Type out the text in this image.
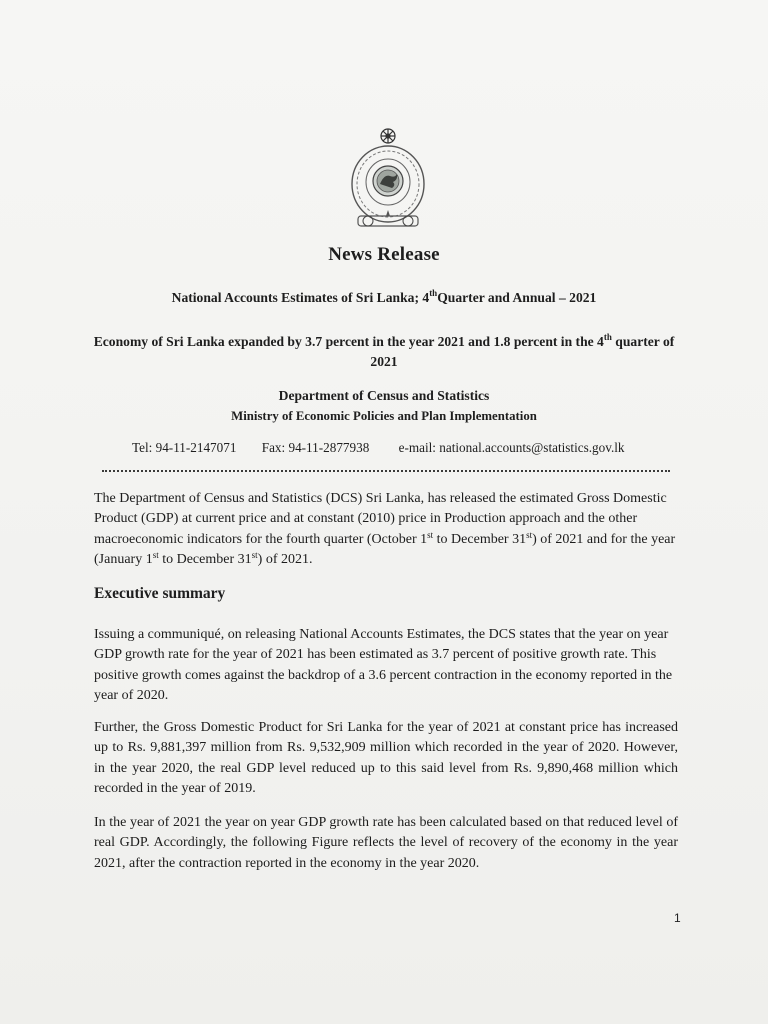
News Release
National Accounts Estimates of Sri Lanka; 4thQuarter and Annual – 2021
Economy of Sri Lanka expanded by 3.7 percent in the year 2021 and 1.8 percent in the 4th quarter of 2021
Department of Census and Statistics
Ministry of Economic Policies and Plan Implementation
Tel: 94-11-2147071 Fax: 94-11-2877938 e-mail: national.accounts@statistics.gov.lk
The Department of Census and Statistics (DCS) Sri Lanka, has released the estimated Gross Domestic Product (GDP) at current price and at constant (2010) price in Production approach and the other macroeconomic indicators for the fourth quarter (October 1st to December 31st) of 2021 and for the year (January 1st to December 31st) of 2021.
Executive summary
Issuing a communiqué, on releasing National Accounts Estimates, the DCS states that the year on year GDP growth rate for the year of 2021 has been estimated as 3.7 percent of positive growth rate. This positive growth comes against the backdrop of a 3.6 percent contraction in the economy reported in the year of 2020.
Further, the Gross Domestic Product for Sri Lanka for the year of 2021 at constant price has increased up to Rs. 9,881,397 million from Rs. 9,532,909 million which recorded in the year of 2020. However, in the year 2020, the real GDP level reduced up to this said level from Rs. 9,890,468 million which recorded in the year of 2019.
In the year of 2021 the year on year GDP growth rate has been calculated based on that reduced level of real GDP. Accordingly, the following Figure reflects the level of recovery of the economy in the year 2021, after the contraction reported in the economy in the year 2020.
1
